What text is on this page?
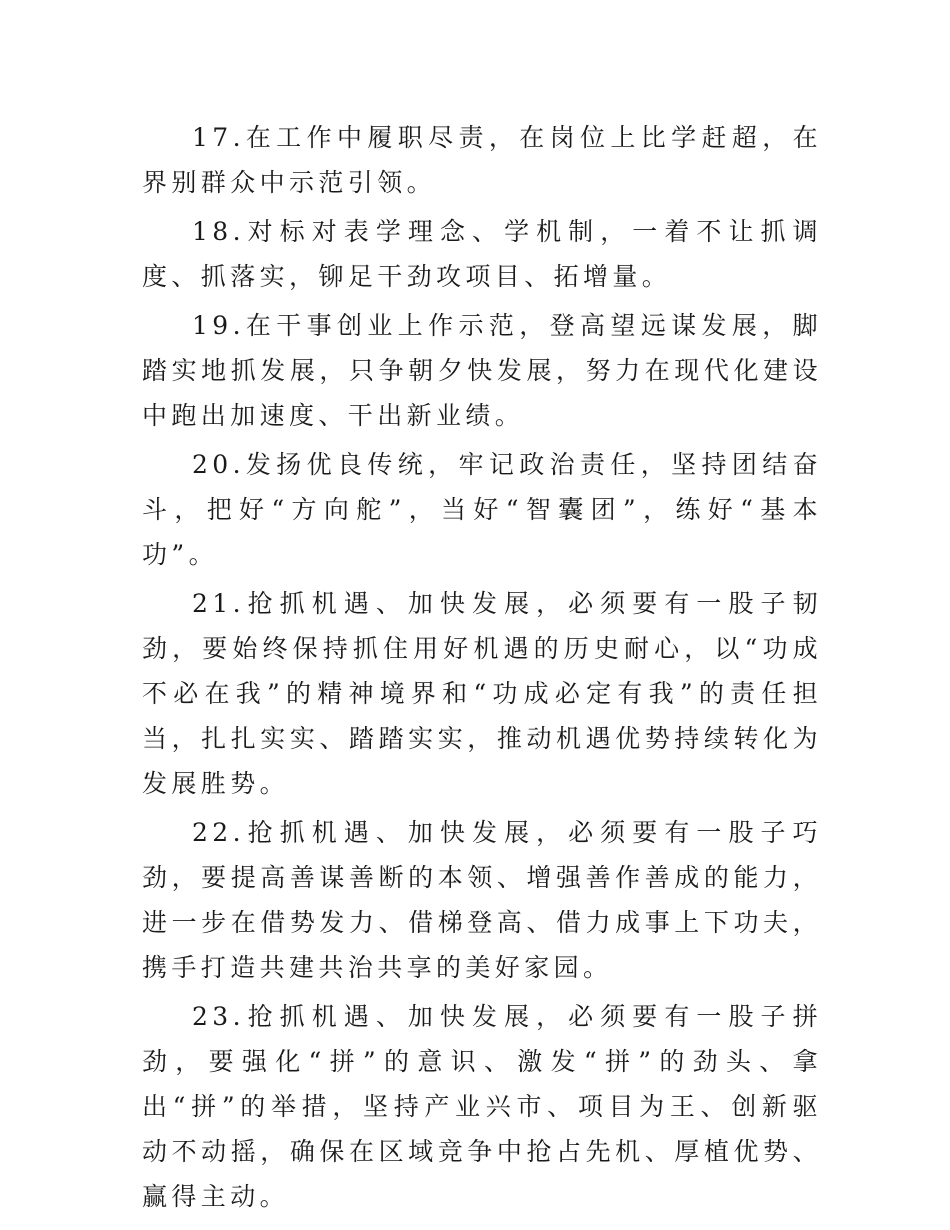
17.在工作中履职尽责，在岗位上比学赶超，在界别群众中示范引领。

18.对标对表学理念、学机制，一着不让抓调度、抓落实，铆足干劲攻项目、拓增量。

19.在干事创业上作示范，登高望远谋发展，脚踏实地抓发展，只争朝夕快发展，努力在现代化建设中跑出加速度、干出新业绩。

20.发扬优良传统，牢记政治责任，坚持团结奋斗，把好“方向舵”，当好“智囊团”，练好“基本功”。

21.抢抓机遇、加快发展，必须要有一股子韧劲，要始终保持抓住用好机遇的历史耐心，以“功成不必在我”的精神境界和“功成必定有我”的责任担当，扎扎实实、踏踏实实，推动机遇优势持续转化为发展胜势。

22.抢抓机遇、加快发展，必须要有一股子巧劲，要提高善谋善断的本领、增强善作善成的能力，进一步在借势发力、借梯登高、借力成事上下功夫，携手打造共建共治共享的美好家园。

23.抢抓机遇、加快发展，必须要有一股子拼劲，要强化“拼”的意识、激发“拼”的劲头、拿出“拼”的举措，坚持产业兴市、项目为王、创新驱动不动摇，确保在区域竞争中抢占先机、厚植优势、赢得主动。
